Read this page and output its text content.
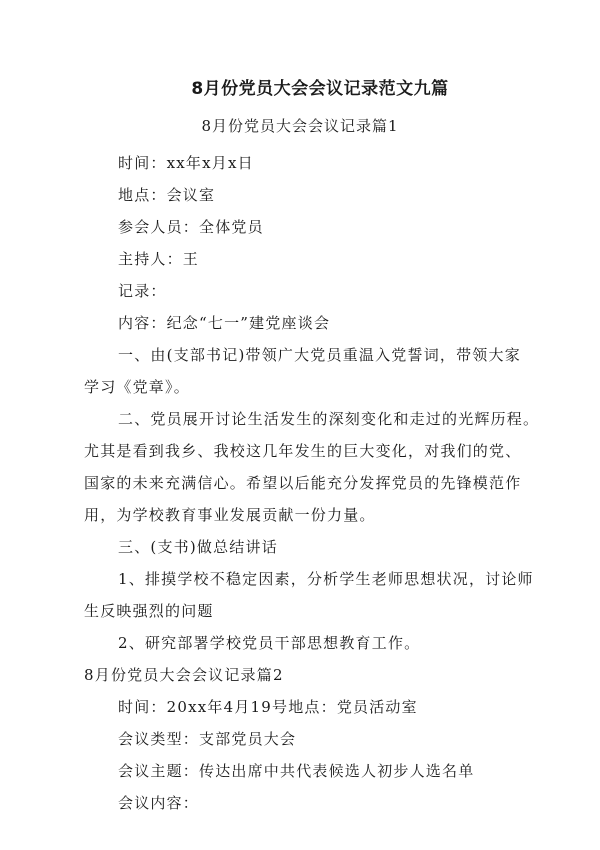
8月份党员大会会议记录范文九篇
8月份党员大会会议记录篇1
时间：xx年x月x日
地点：会议室
参会人员：全体党员
主持人：王
记录：
内容：纪念“七一”建党座谈会
一、由(支部书记)带领广大党员重温入党誓词，带领大家
学习《党章》。
二、党员展开讨论生活发生的深刻变化和走过的光辉历程。
尤其是看到我乡、我校这几年发生的巨大变化，对我们的党、
国家的未来充满信心。希望以后能充分发挥党员的先锋模范作
用，为学校教育事业发展贡献一份力量。
三、(支书)做总结讲话
1、排摸学校不稳定因素，分析学生老师思想状况，讨论师
生反映强烈的问题
2、研究部署学校党员干部思想教育工作。
8月份党员大会会议记录篇2
时间：20xx年4月19号地点：党员活动室
会议类型：支部党员大会
会议主题：传达出席中共代表候选人初步人选名单
会议内容：
